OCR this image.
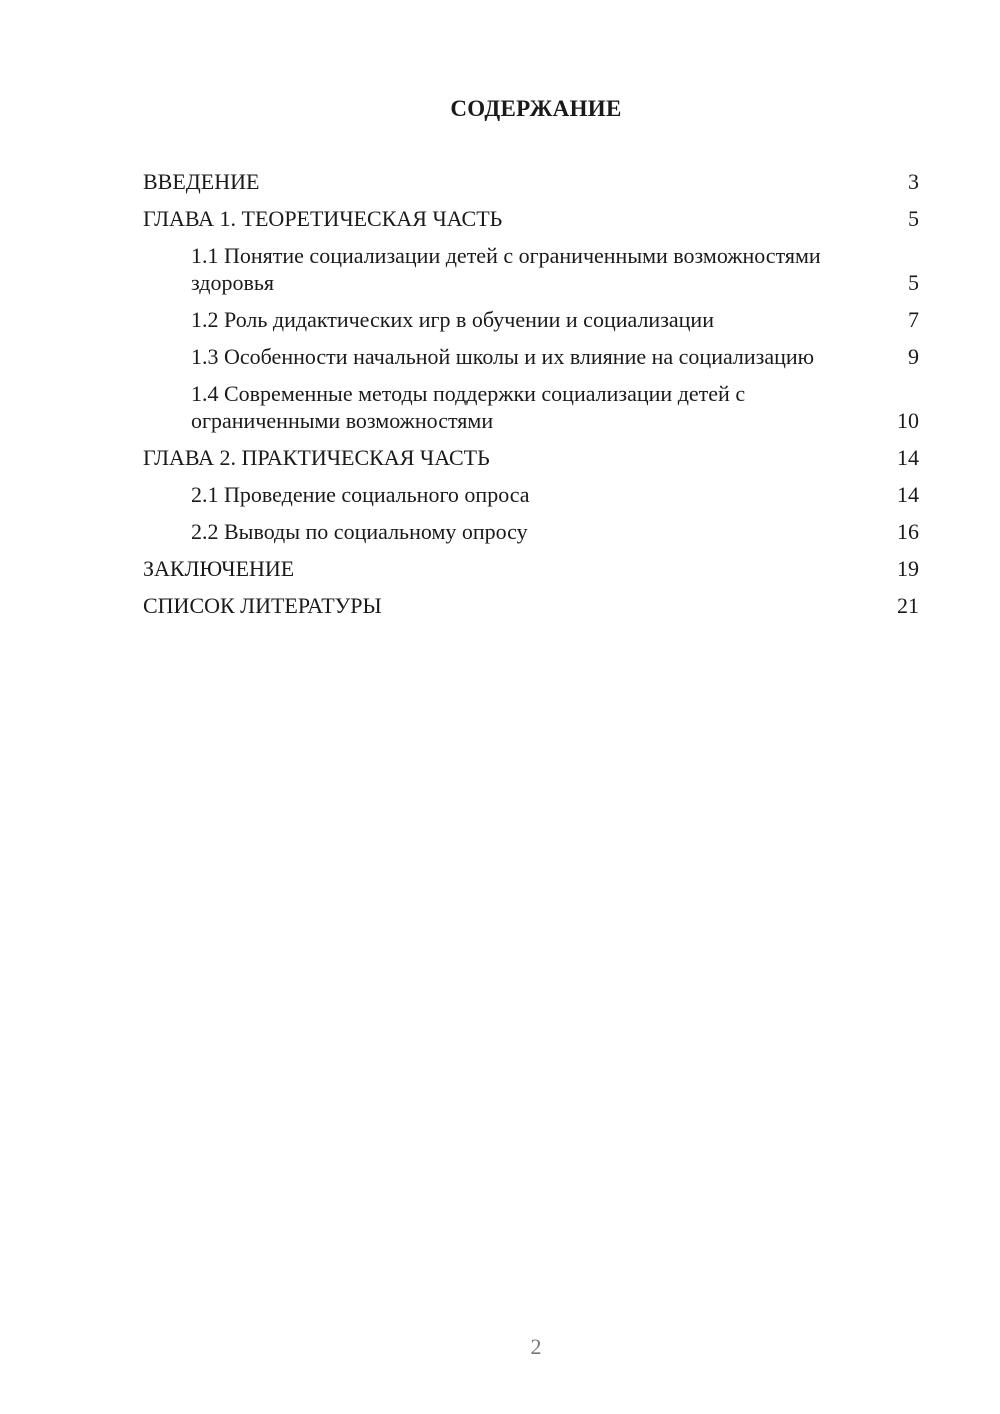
СОДЕРЖАНИЕ
ВВЕДЕНИЕ	3
ГЛАВА 1. ТЕОРЕТИЧЕСКАЯ ЧАСТЬ	5
1.1 Понятие социализации детей с ограниченными возможностями здоровья	5
1.2 Роль дидактических игр в обучении и социализации	7
1.3 Особенности начальной школы и их влияние на социализацию	9
1.4 Современные методы поддержки социализации детей с ограниченными возможностями	10
ГЛАВА 2. ПРАКТИЧЕСКАЯ ЧАСТЬ	14
2.1 Проведение социального опроса	14
2.2 Выводы по социальному опросу	16
ЗАКЛЮЧЕНИЕ	19
СПИСОК ЛИТЕРАТУРЫ	21
2
